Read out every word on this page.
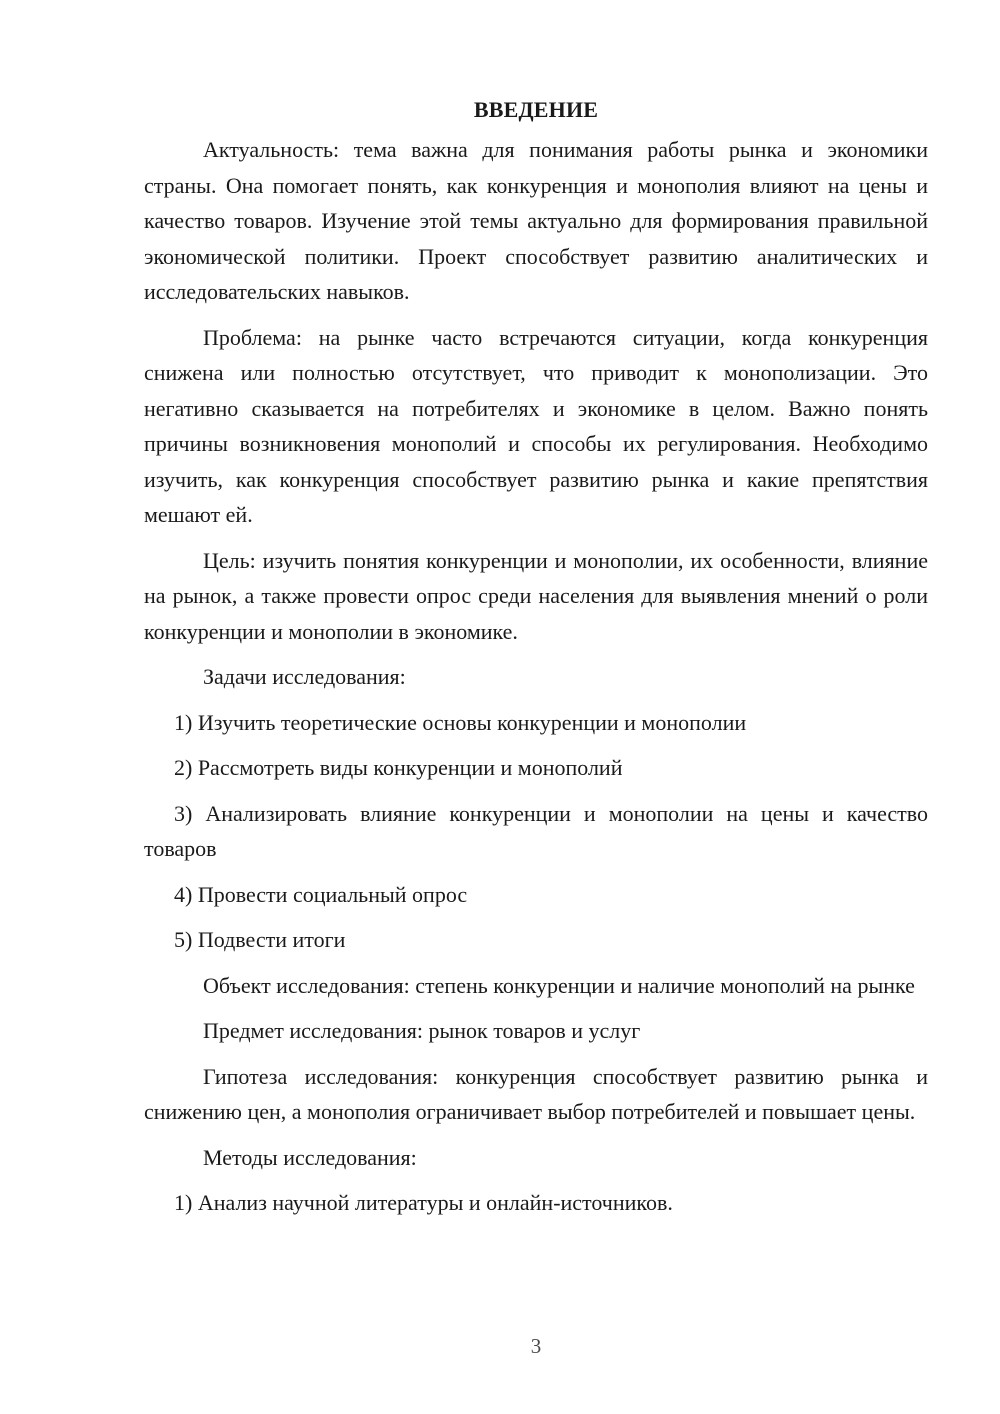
ВВЕДЕНИЕ

Актуальность: тема важна для понимания работы рынка и экономики страны. Она помогает понять, как конкуренция и монополия влияют на цены и качество товаров. Изучение этой темы актуально для формирования правильной экономической политики. Проект способствует развитию аналитических и исследовательских навыков.

Проблема: на рынке часто встречаются ситуации, когда конкуренция снижена или полностью отсутствует, что приводит к монополизации. Это негативно сказывается на потребителях и экономике в целом. Важно понять причины возникновения монополий и способы их регулирования. Необходимо изучить, как конкуренция способствует развитию рынка и какие препятствия мешают ей.

Цель: изучить понятия конкуренции и монополии, их особенности, влияние на рынок, а также провести опрос среди населения для выявления мнений о роли конкуренции и монополии в экономике.

Задачи исследования:

1) Изучить теоретические основы конкуренции и монополии

2) Рассмотреть виды конкуренции и монополий

3) Анализировать влияние конкуренции и монополии на цены и качество товаров

4) Провести социальный опрос

5) Подвести итоги

Объект исследования: степень конкуренции и наличие монополий на рынке

Предмет исследования: рынок товаров и услуг

Гипотеза исследования: конкуренция способствует развитию рынка и снижению цен, а монополия ограничивает выбор потребителей и повышает цены.

Методы исследования:

1) Анализ научной литературы и онлайн-источников.

3
